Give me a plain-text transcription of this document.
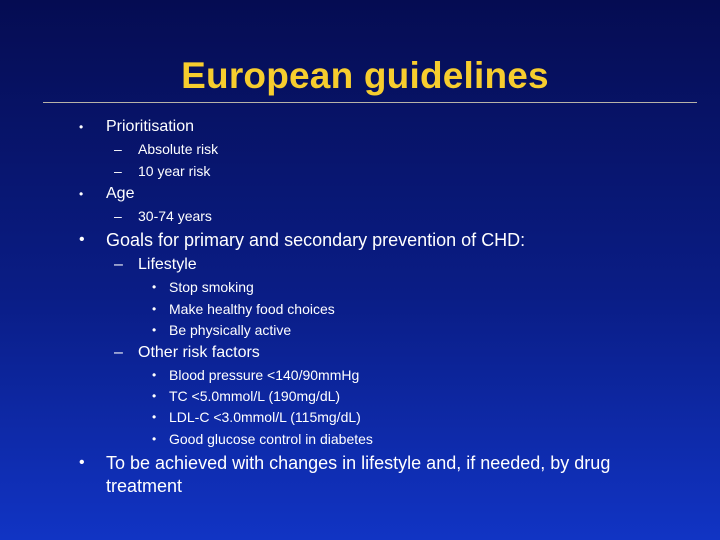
European guidelines
• Prioritisation
– Absolute risk
– 10 year risk
• Age
– 30-74 years
• Goals for primary and secondary prevention of CHD:
– Lifestyle
• Stop smoking
• Make healthy food choices
• Be physically active
– Other risk factors
• Blood pressure <140/90mmHg
• TC <5.0mmol/L (190mg/dL)
• LDL-C <3.0mmol/L (115mg/dL)
• Good glucose control in diabetes
• To be achieved with changes in lifestyle and, if needed, by drug
treatment
